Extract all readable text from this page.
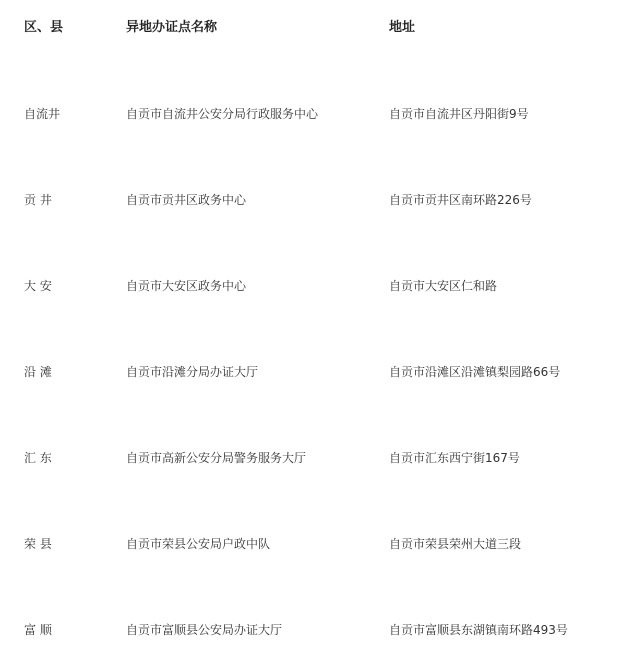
区、县	异地办证点名称	地址
自流井	自贡市自流井公安分局行政服务中心	自贡市自流井区丹阳街9号
贡 井	自贡市贡井区政务中心	自贡市贡井区南环路226号
大 安	自贡市大安区政务中心	自贡市大安区仁和路
沿 滩	自贡市沿滩分局办证大厅	自贡市沿滩区沿滩镇梨园路66号
汇 东	自贡市高新公安分局警务服务大厅	自贡市汇东西宁街167号
荣 县	自贡市荣县公安局户政中队	自贡市荣县荣州大道三段
富 顺	自贡市富顺县公安局办证大厅	自贡市富顺县东湖镇南环路493号
